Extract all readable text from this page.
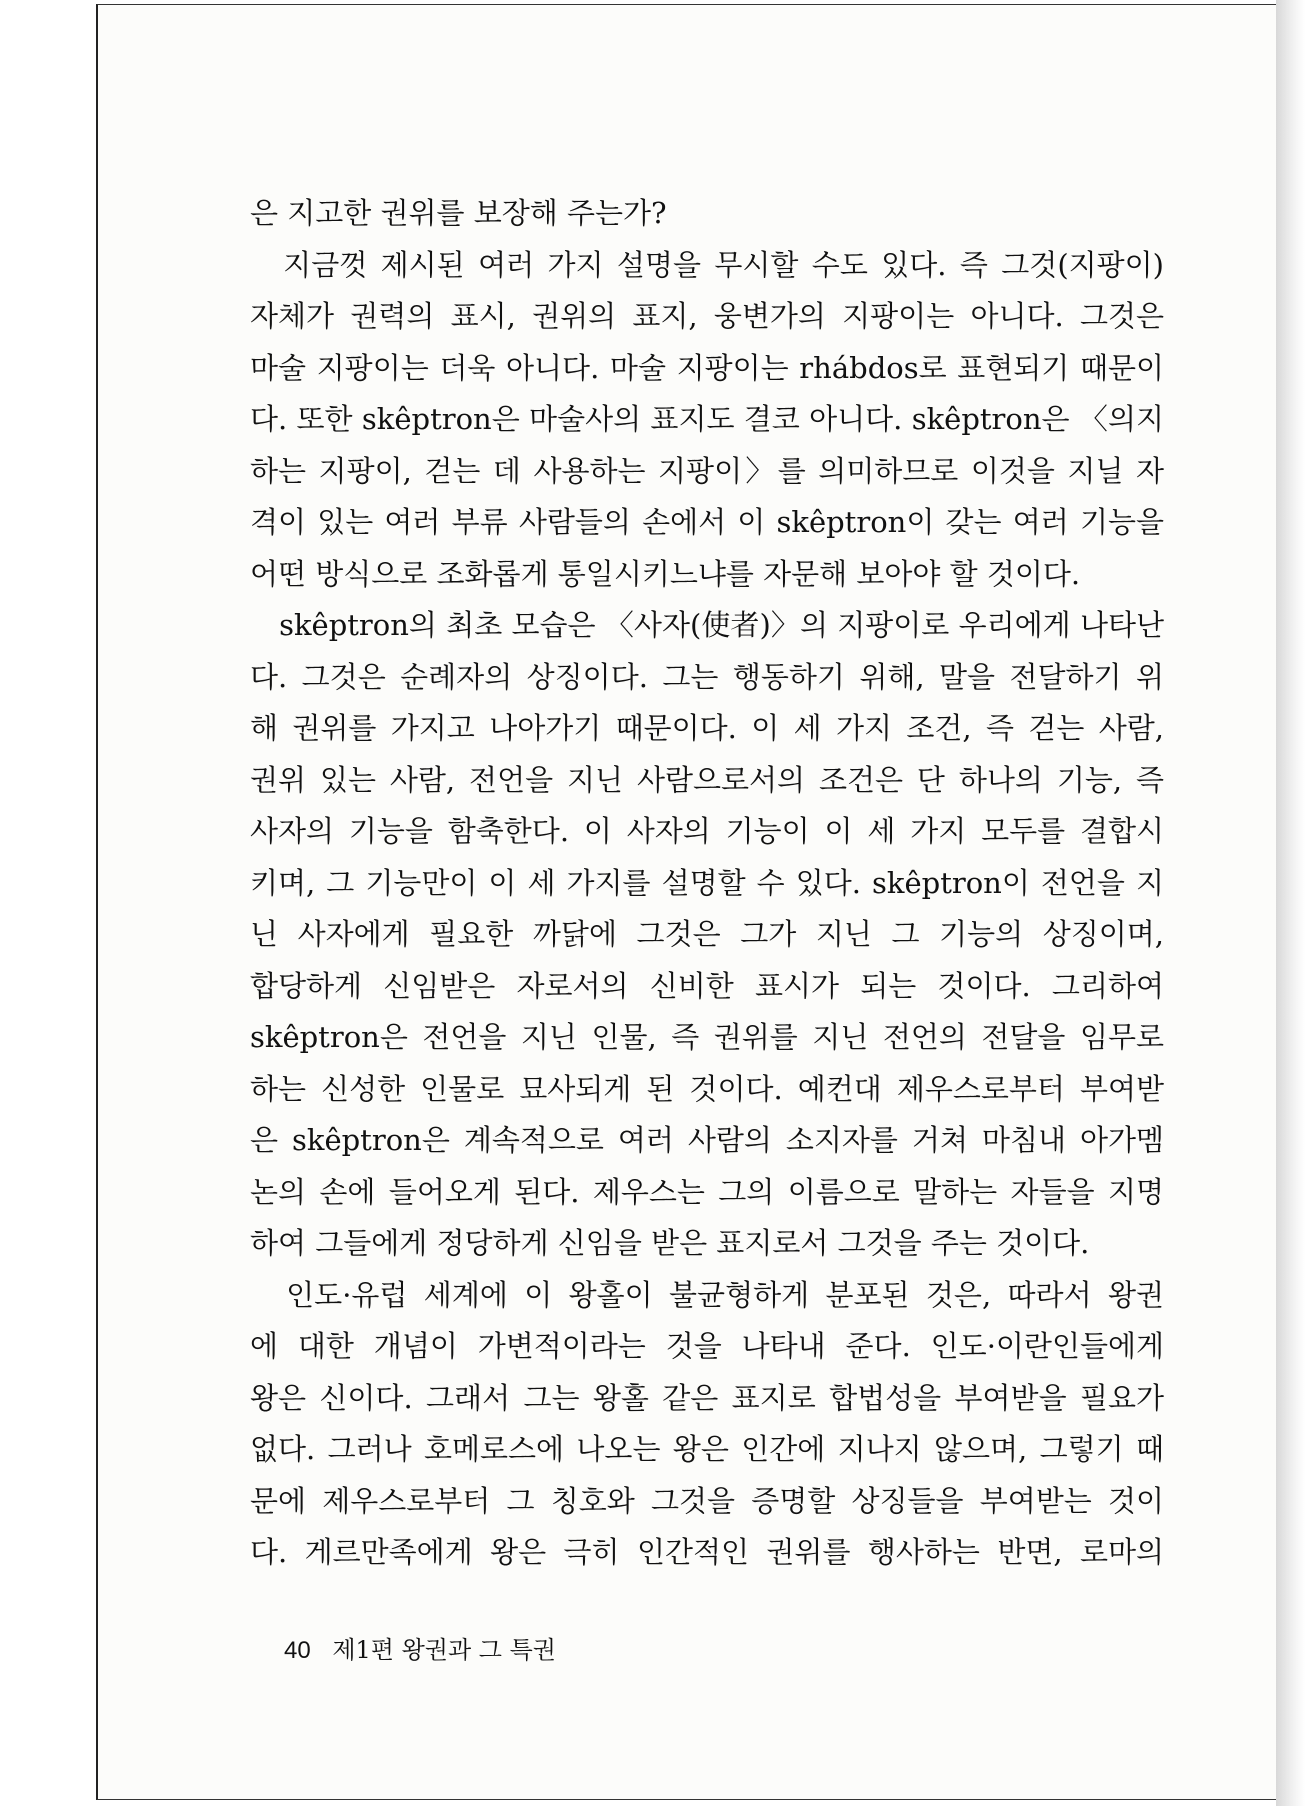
은 지고한 권위를 보장해 주는가?
　지금껏 제시된 여러 가지 설명을 무시할 수도 있다. 즉 그것(지팡이)
자체가 권력의 표시, 권위의 표지, 웅변가의 지팡이는 아니다. 그것은
마술 지팡이는 더욱 아니다. 마술 지팡이는 rhábdos로 표현되기 때문이
다. 또한 skêptron은 마술사의 표지도 결코 아니다. skêptron은 〈의지
하는 지팡이, 걷는 데 사용하는 지팡이〉를 의미하므로 이것을 지닐 자
격이 있는 여러 부류 사람들의 손에서 이 skêptron이 갖는 여러 기능을
어떤 방식으로 조화롭게 통일시키느냐를 자문해 보아야 할 것이다.
　skêptron의 최초 모습은 〈사자(使者)〉의 지팡이로 우리에게 나타난
다. 그것은 순례자의 상징이다. 그는 행동하기 위해, 말을 전달하기 위
해 권위를 가지고 나아가기 때문이다. 이 세 가지 조건, 즉 걷는 사람,
권위 있는 사람, 전언을 지닌 사람으로서의 조건은 단 하나의 기능, 즉
사자의 기능을 함축한다. 이 사자의 기능이 이 세 가지 모두를 결합시
키며, 그 기능만이 이 세 가지를 설명할 수 있다. skêptron이 전언을 지
닌 사자에게 필요한 까닭에 그것은 그가 지닌 그 기능의 상징이며,
합당하게 신임받은 자로서의 신비한 표시가 되는 것이다. 그리하여
skêptron은 전언을 지닌 인물, 즉 권위를 지닌 전언의 전달을 임무로
하는 신성한 인물로 묘사되게 된 것이다. 예컨대 제우스로부터 부여받
은 skêptron은 계속적으로 여러 사람의 소지자를 거쳐 마침내 아가멤
논의 손에 들어오게 된다. 제우스는 그의 이름으로 말하는 자들을 지명
하여 그들에게 정당하게 신임을 받은 표지로서 그것을 주는 것이다.
　인도·유럽 세계에 이 왕홀이 불균형하게 분포된 것은, 따라서 왕권
에 대한 개념이 가변적이라는 것을 나타내 준다. 인도·이란인들에게
왕은 신이다. 그래서 그는 왕홀 같은 표지로 합법성을 부여받을 필요가
없다. 그러나 호메로스에 나오는 왕은 인간에 지나지 않으며, 그렇기 때
문에 제우스로부터 그 칭호와 그것을 증명할 상징들을 부여받는 것이
다. 게르만족에게 왕은 극히 인간적인 권위를 행사하는 반면, 로마의
40 제1편 왕권과 그 특권
